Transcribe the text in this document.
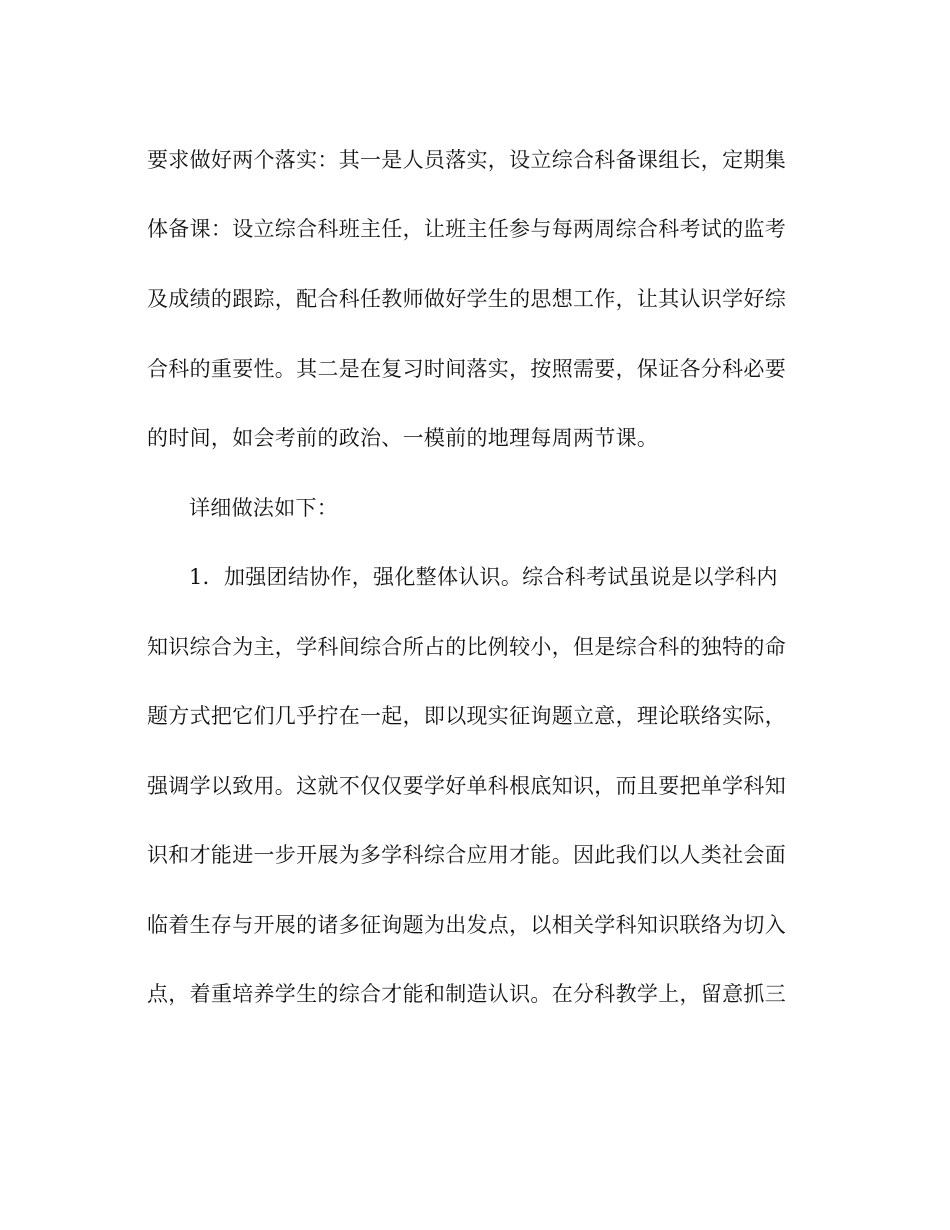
要求做好两个落实：其一是人员落实，设立综合科备课组长，定期集

体备课：设立综合科班主任，让班主任参与每两周综合科考试的监考

及成绩的跟踪，配合科任教师做好学生的思想工作，让其认识学好综

合科的重要性。其二是在复习时间落实，按照需要，保证各分科必要

的时间，如会考前的政治、一模前的地理每周两节课。

详细做法如下：

1．加强团结协作，强化整体认识。综合科考试虽说是以学科内

知识综合为主，学科间综合所占的比例较小，但是综合科的独特的命

题方式把它们几乎拧在一起，即以现实征询题立意，理论联络实际，

强调学以致用。这就不仅仅要学好单科根底知识，而且要把单学科知

识和才能进一步开展为多学科综合应用才能。因此我们以人类社会面

临着生存与开展的诸多征询题为出发点，以相关学科知识联络为切入

点，着重培养学生的综合才能和制造认识。在分科教学上，留意抓三
